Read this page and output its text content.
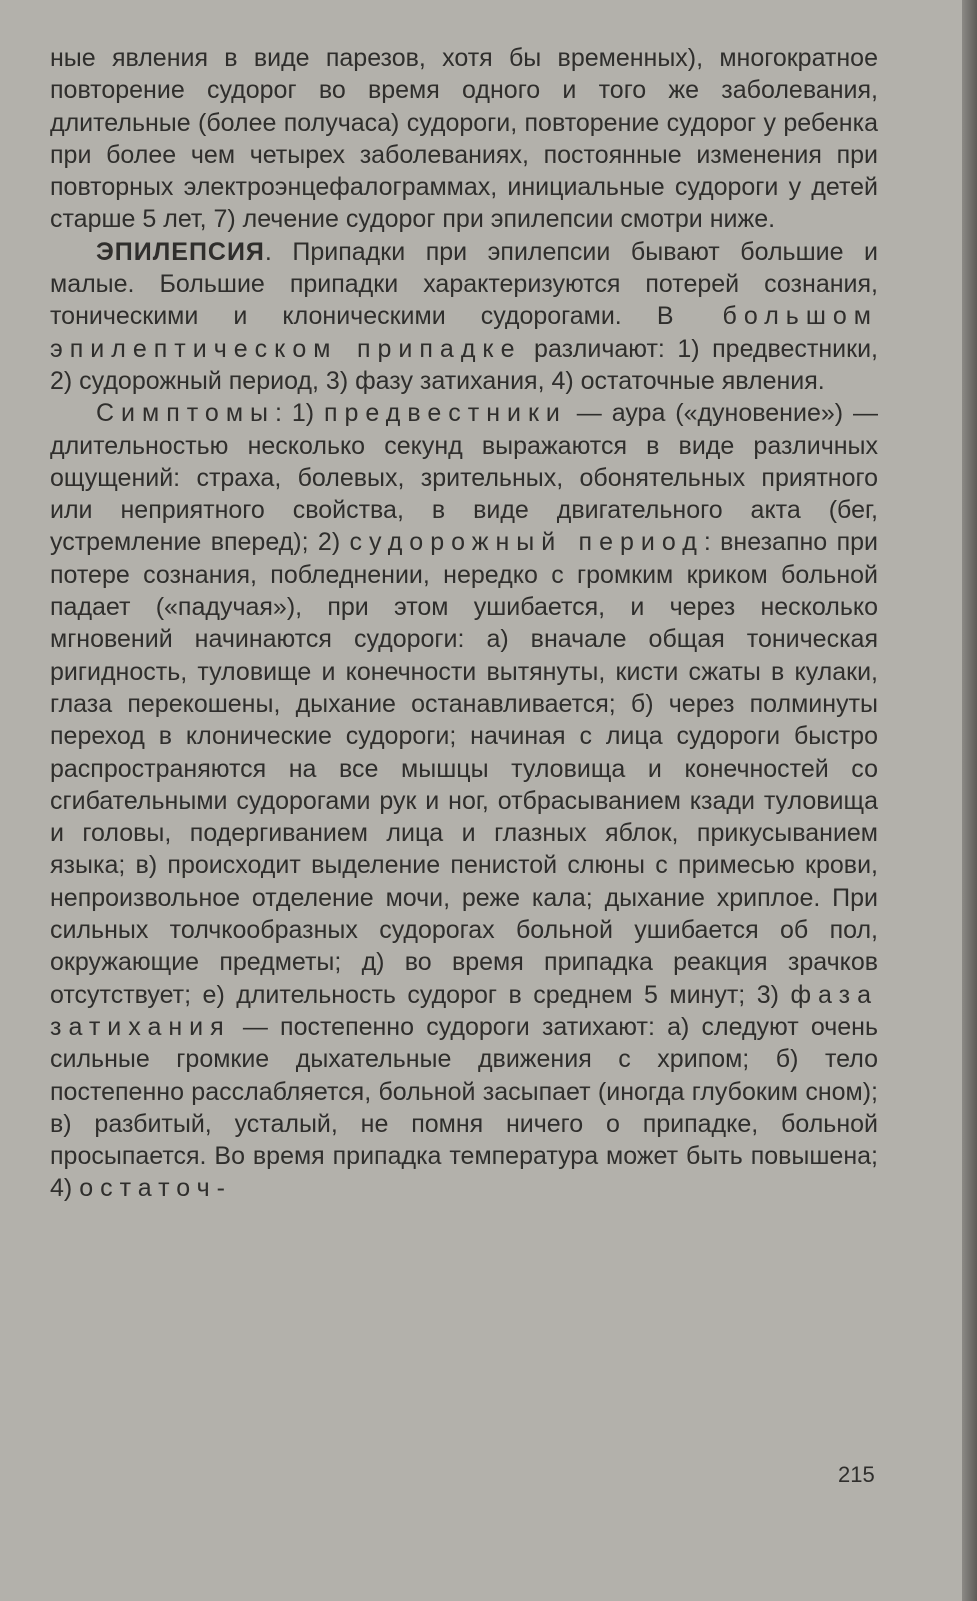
ные явления в виде парезов, хотя бы временных), многократное повторение судорог во время одного и того же заболевания, длительные (более получаса) судороги, повторение судорог у ребенка при более чем четырех заболеваниях, постоянные изменения при повторных электроэнцефалограммах, инициальные судороги у детей старше 5 лет, 7) лечение судорог при эпилепсии смотри ниже.

ЭПИЛЕПСИЯ. Припадки при эпилепсии бывают большие и малые. Большие припадки характеризуются потерей сознания, тоническими и клоническими судорогами. В большом эпилептическом припадке различают: 1) предвестники, 2) судорожный период, 3) фазу затихания, 4) остаточные явления.

Симптомы: 1) предвестники — аура («дуновение») — длительностью несколько секунд выражаются в виде различных ощущений: страха, болевых, зрительных, обонятельных приятного или неприятного свойства, в виде двигательного акта (бег, устремление вперед); 2) судорожный период: внезапно при потере сознания, побледнении, нередко с громким криком больной падает («падучая»), при этом ушибается, и через несколько мгновений начинаются судороги: а) вначале общая тоническая ригидность, туловище и конечности вытянуты, кисти сжаты в кулаки, глаза перекошены, дыхание останавливается; б) через полминуты переход в клонические судороги; начиная с лица судороги быстро распространяются на все мышцы туловища и конечностей со сгибательными судорогами рук и ног, отбрасыванием кзади туловища и головы, подергиванием лица и глазных яблок, прикусыванием языка; в) происходит выделение пенистой слюны с примесью крови, непроизвольное отделение мочи, реже кала; дыхание хриплое. При сильных толчкообразных судорогах больной ушибается об пол, окружающие предметы; д) во время припадка реакция зрачков отсутствует; е) длительность судорог в среднем 5 минут; 3) фаза затихания — постепенно судороги затихают: а) следуют очень сильные громкие дыхательные движения с хрипом; б) тело постепенно расслабляется, больной засыпает (иногда глубоким сном); в) разбитый, усталый, не помня ничего о припадке, больной просыпается. Во время припадка температура может быть повышена; 4) остаточ-

215
